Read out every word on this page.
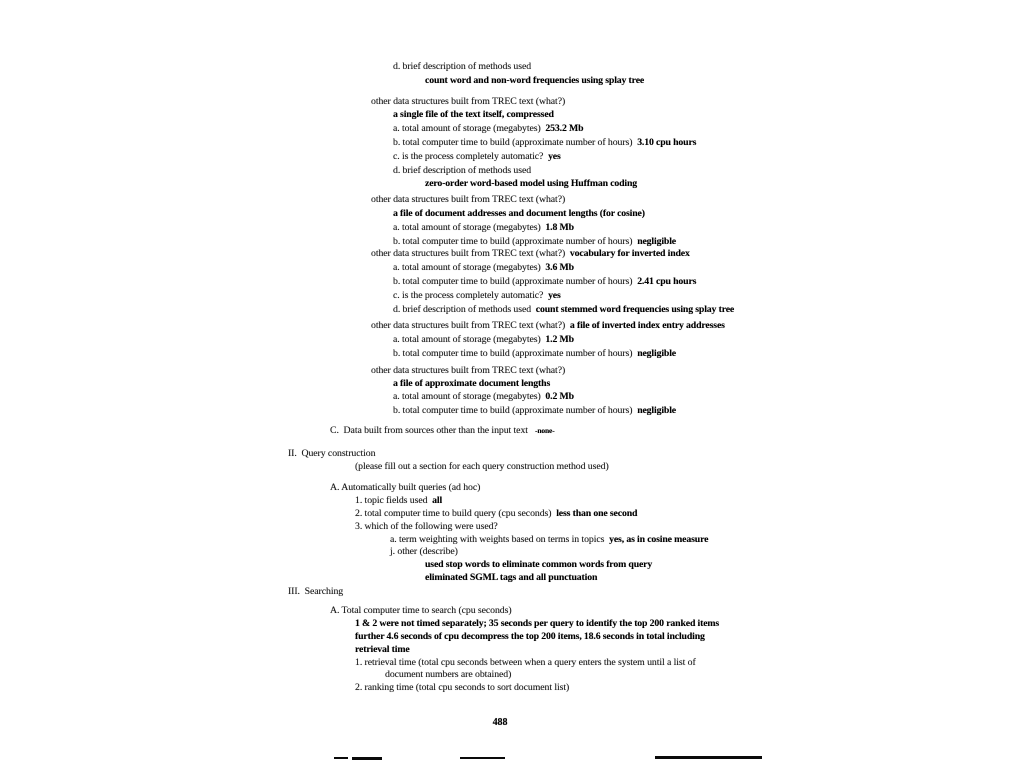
d. brief description of methods used
count word and non-word frequencies using splay tree
other data structures built from TREC text (what?)
a single file of the text itself, compressed
a. total amount of storage (megabytes)  253.2 Mb
b. total computer time to build (approximate number of hours)  3.10 cpu hours
c. is the process completely automatic?  yes
d. brief description of methods used
zero-order word-based model using Huffman coding
other data structures built from TREC text (what?)
a file of document addresses and document lengths (for cosine)
a. total amount of storage (megabytes)  1.8 Mb
b. total computer time to build (approximate number of hours)  negligible
other data structures built from TREC text (what?)  vocabulary for inverted index
a. total amount of storage (megabytes)  3.6 Mb
b. total computer time to build (approximate number of hours)  2.41 cpu hours
c. is the process completely automatic?  yes
d. brief description of methods used  count stemmed word frequencies using splay tree
other data structures built from TREC text (what?)  a file of inverted index entry addresses
a. total amount of storage (megabytes)  1.2 Mb
b. total computer time to build (approximate number of hours)  negligible
other data structures built from TREC text (what?)
a file of approximate document lengths
a. total amount of storage (megabytes)  0.2 Mb
b. total computer time to build (approximate number of hours)  negligible
C.  Data built from sources other than the input text   -none-
II.  Query construction
(please fill out a section for each query construction method used)
A. Automatically built queries (ad hoc)
1. topic fields used  all
2. total computer time to build query (cpu seconds)  less than one second
3. which of the following were used?
a. term weighting with weights based on terms in topics  yes, as in cosine measure
j. other (describe)
used stop words to eliminate common words from query
eliminated SGML tags and all punctuation
III.  Searching
A. Total computer time to search (cpu seconds)
1 & 2 were not timed separately; 35 seconds per query to identify the top 200 ranked items
further 4.6 seconds of cpu decompress the top 200 items, 18.6 seconds in total including
retrieval time
1. retrieval time (total cpu seconds between when a query enters the system until a list of
document numbers are obtained)
2. ranking time (total cpu seconds to sort document list)
488
